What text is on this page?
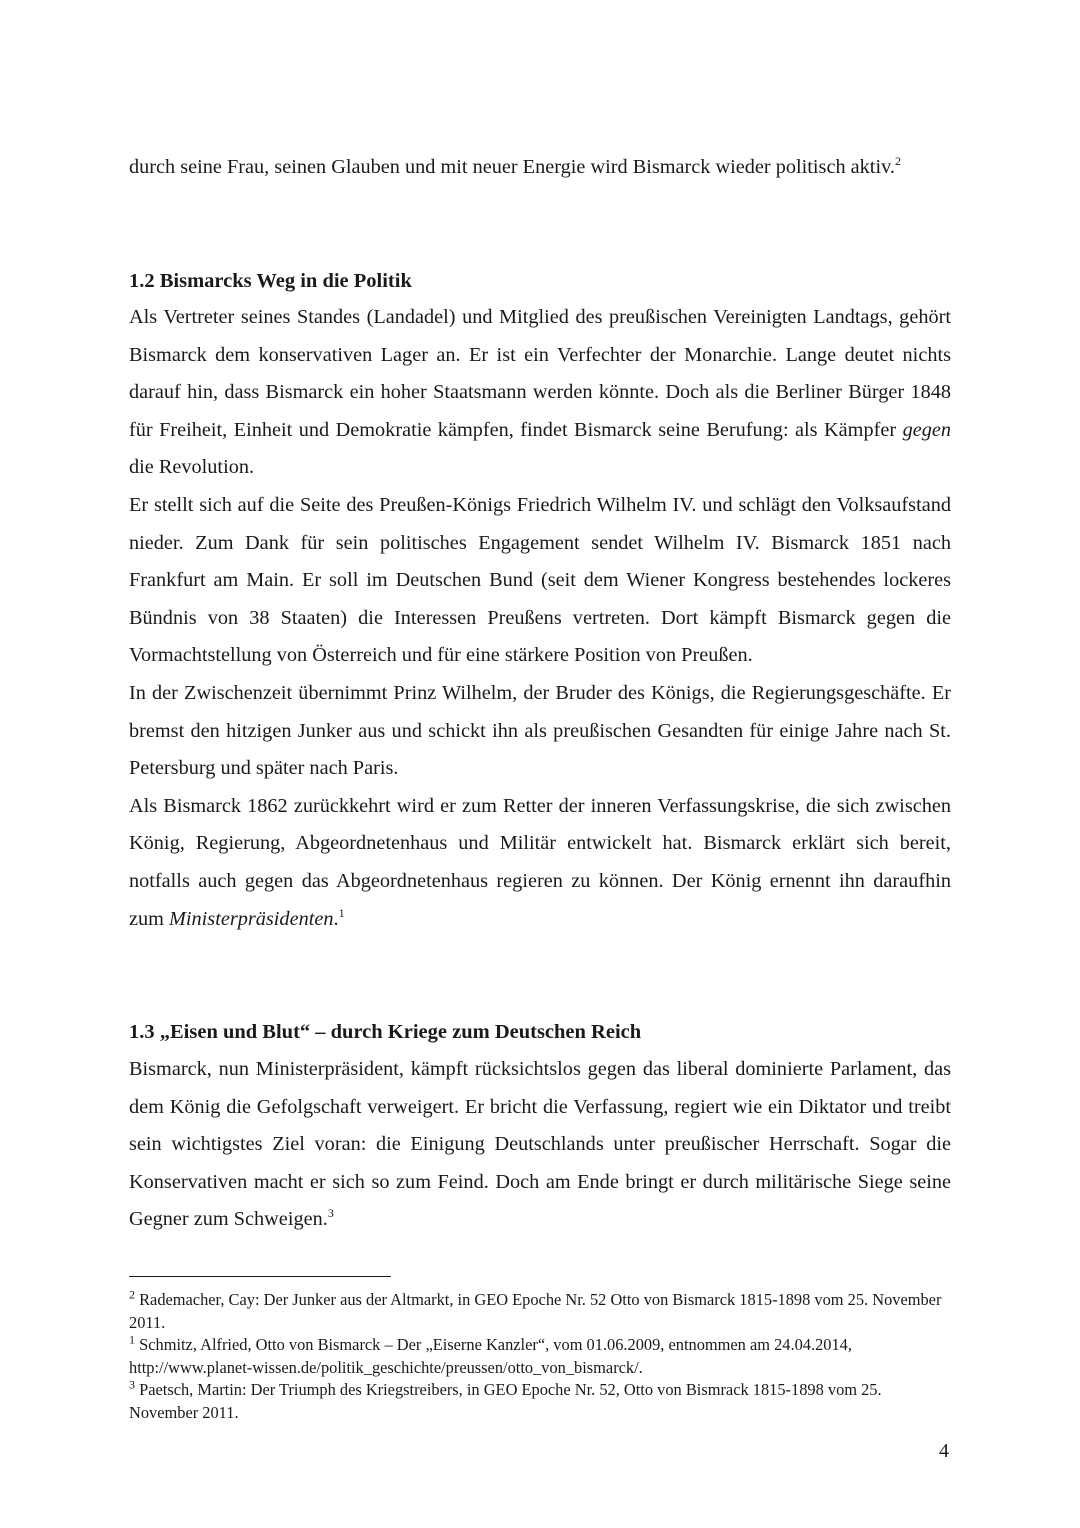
durch seine Frau, seinen Glauben und mit neuer Energie wird Bismarck wieder politisch aktiv.$^2$

1.2 Bismarcks Weg in die Politik

Als Vertreter seines Standes (Landadel) und Mitglied des preußischen Vereinigten Landtags, gehört Bismarck dem konservativen Lager an. Er ist ein Verfechter der Monarchie. Lange deutet nichts darauf hin, dass Bismarck ein hoher Staatsmann werden könnte. Doch als die Berliner Bürger 1848 für Freiheit, Einheit und Demokratie kämpfen, findet Bismarck seine Berufung: als Kämpfer gegen die Revolution.

Er stellt sich auf die Seite des Preußen-Königs Friedrich Wilhelm IV. und schlägt den Volksaufstand nieder. Zum Dank für sein politisches Engagement sendet Wilhelm IV. Bismarck 1851 nach Frankfurt am Main. Er soll im Deutschen Bund (seit dem Wiener Kongress bestehendes lockeres Bündnis von 38 Staaten) die Interessen Preußens vertreten. Dort kämpft Bismarck gegen die Vormachtstellung von Österreich und für eine stärkere Position von Preußen.

In der Zwischenzeit übernimmt Prinz Wilhelm, der Bruder des Königs, die Regierungsgeschäfte. Er bremst den hitzigen Junker aus und schickt ihn als preußischen Gesandten für einige Jahre nach St. Petersburg und später nach Paris.

Als Bismarck 1862 zurückkehrt wird er zum Retter der inneren Verfassungskrise, die sich zwischen König, Regierung, Abgeordnetenhaus und Militär entwickelt hat. Bismarck erklärt sich bereit, notfalls auch gegen das Abgeordnetenhaus regieren zu können. Der König ernennt ihn daraufhin zum Ministerpräsidenten.$^1$

1.3 „Eisen und Blut“ – durch Kriege zum Deutschen Reich

Bismarck, nun Ministerpräsident, kämpft rücksichtslos gegen das liberal dominierte Parlament, das dem König die Gefolgschaft verweigert. Er bricht die Verfassung, regiert wie ein Diktator und treibt sein wichtigstes Ziel voran: die Einigung Deutschlands unter preußischer Herrschaft. Sogar die Konservativen macht er sich so zum Feind. Doch am Ende bringt er durch militärische Siege seine Gegner zum Schweigen.$^3$

$^2$ Rademacher, Cay: Der Junker aus der Altmarkt, in GEO Epoche Nr. 52 Otto von Bismarck 1815-1898 vom 25. November 2011.

$^1$ Schmitz, Alfried, Otto von Bismarck – Der „Eiserne Kanzler“, vom 01.06.2009, entnommen am 24.04.2014, http://www.planet-wissen.de/politik_geschichte/preussen/otto_von_bismarck/.

$^3$ Paetsch, Martin: Der Triumph des Kriegstreibers, in GEO Epoche Nr. 52, Otto von Bismrack 1815-1898 vom 25. November 2011.

4
